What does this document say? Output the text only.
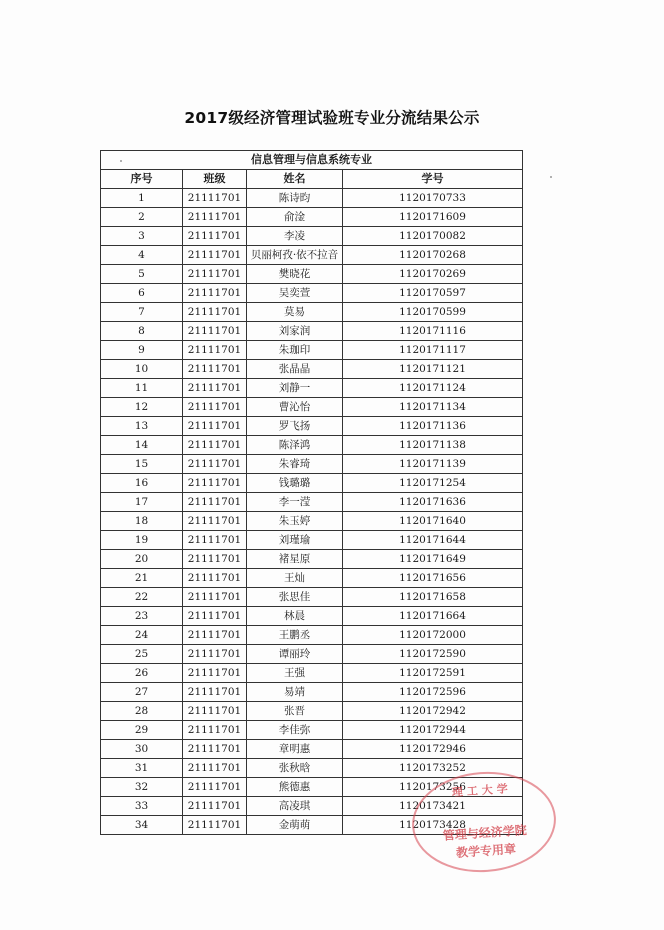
2017级经济管理试验班专业分流结果公示
信息管理与信息系统专业			
序号	班级	姓名	学号
1	21111701	陈诗昀	1120170733
2	21111701	俞淦	1120171609
3	21111701	李凌	1120170082
4	21111701	贝丽柯孜·依不拉音	1120170268
5	21111701	樊晓花	1120170269
6	21111701	吴奕萱	1120170597
7	21111701	莫易	1120170599
8	21111701	刘家润	1120171116
9	21111701	朱珈印	1120171117
10	21111701	张晶晶	1120171121
11	21111701	刘静一	1120171124
12	21111701	曹沁怡	1120171134
13	21111701	罗飞扬	1120171136
14	21111701	陈泽鸿	1120171138
15	21111701	朱睿琦	1120171139
16	21111701	钱璐璐	1120171254
17	21111701	李一滢	1120171636
18	21111701	朱玉婷	1120171640
19	21111701	刘瑾瑜	1120171644
20	21111701	褚星原	1120171649
21	21111701	王灿	1120171656
22	21111701	张思佳	1120171658
23	21111701	林晨	1120171664
24	21111701	王鹏丞	1120172000
25	21111701	谭丽玲	1120172590
26	21111701	王强	1120172591
27	21111701	易靖	1120172596
28	21111701	张晋	1120172942
29	21111701	李佳弥	1120172944
30	21111701	章明惠	1120172946
31	21111701	张秋晗	1120173252
32	21111701	熊德惠	1120173256
33	21111701	高凌琪	1120173421
34	21111701	金萌萌	1120173428
理工大学
管理与经济学院
教学专用章
